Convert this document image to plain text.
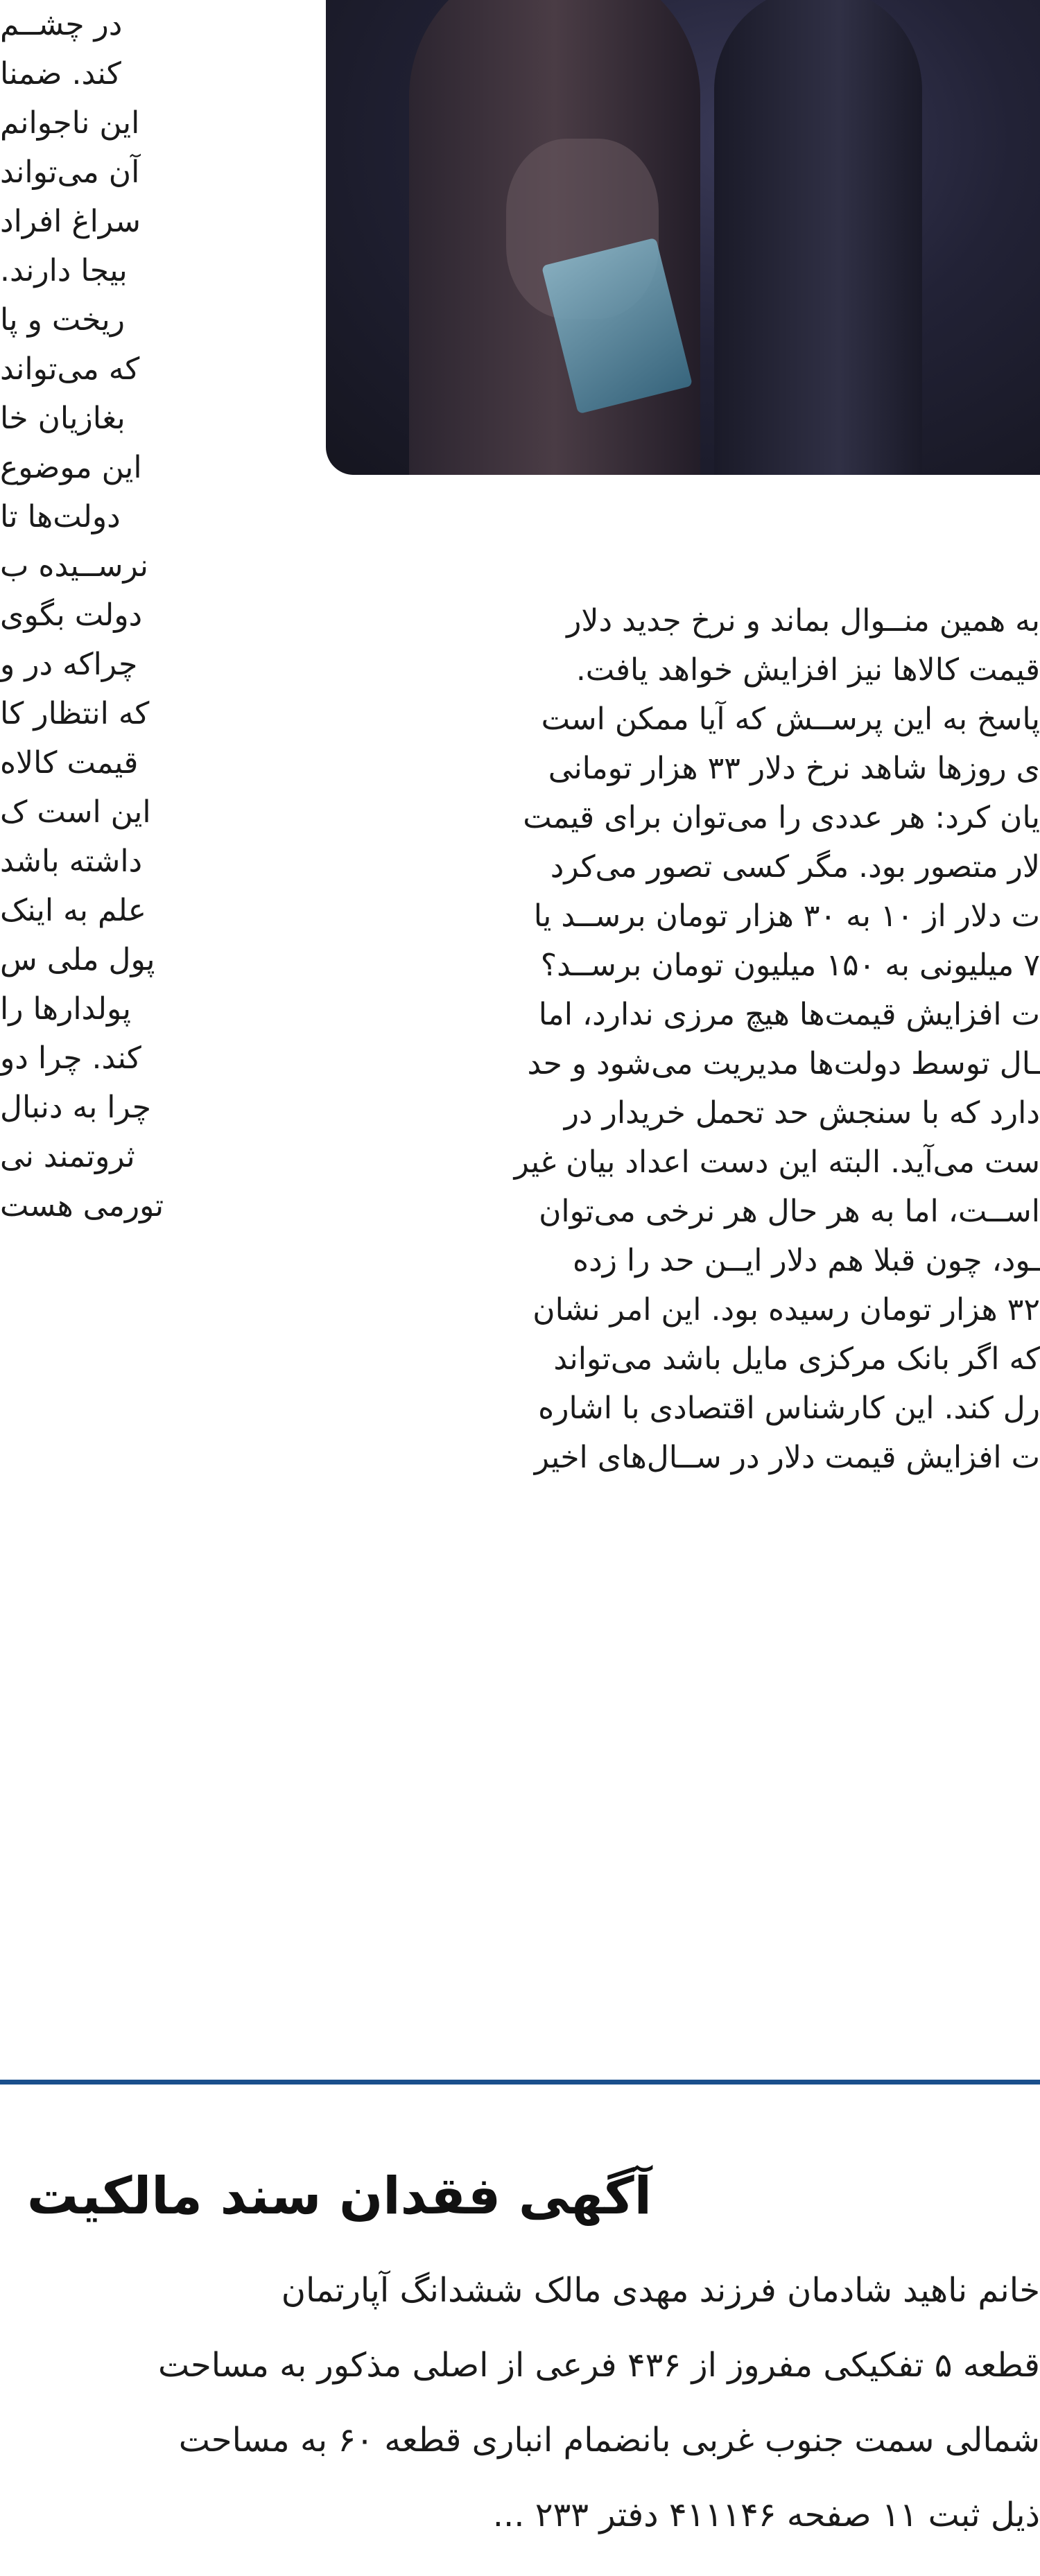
در چشــم
کند. ضمنا
این ناجوانم
آن می‌تواند
سراغ افراد
بیجا دارند.
ریخت و پا
که می‌تواند
بغازیان خا
این موضوع
دولت‌ها تا
نرســیده ب
دولت بگوی
چراکه در و
که انتظار کا
قیمت کالاه
این است ک
داشته باشد
علم به اینک
پول ملی س
پولدارها را
کند. چرا دو
چرا به دنبال
ثروتمند نی
تورمی هست
به همین منــوال بماند و نرخ جدید دلار
قیمت کالاها نیز افزایش خواهد یافت.
پاسخ به این پرســش که آیا ممکن است
ی روزها شاهد نرخ دلار ۳۳ هزار تومانی
یان کرد: هر عددی را می‌توان برای قیمت
لار متصور بود. مگر کسی تصور می‌کرد
ت دلار از ۱۰ به ۳۰ هزار تومان برســد یا
۷ میلیونی به ۱۵۰ میلیون تومان برســد؟
ت افزایش قیمت‌ها هیچ مرزی ندارد، اما
ـال توسط دولت‌ها مدیریت می‌شود و حد
دارد که با سنجش حد تحمل خریدار در
ست می‌آید. البته این دست اعداد بیان غیر
اســت، اما به هر حال هر نرخی می‌توان
ـود، چون قبلا هم دلار ایــن حد را زده
۳۲ هزار تومان رسیده بود. این امر نشان
که اگر بانک مرکزی مایل باشد می‌تواند
رل کند. این کارشناس اقتصادی با اشاره
ت افزایش قیمت دلار در ســال‌های اخیر
آگهی فقدان سند مالکیت
خانم ناهید شادمان فرزند مهدی مالک ششدانگ آپارتمان
قطعه ۵ تفکیکی مفروز از ۴۳۶ فرعی از اصلی مذکور به مساحت
شمالی سمت جنوب غربی بانضمام انباری قطعه ۶۰ به مساحت
ذیل ثبت ۱۱ صفحه ۴۱۱۱۴۶ دفتر ۲۳۳ ...
